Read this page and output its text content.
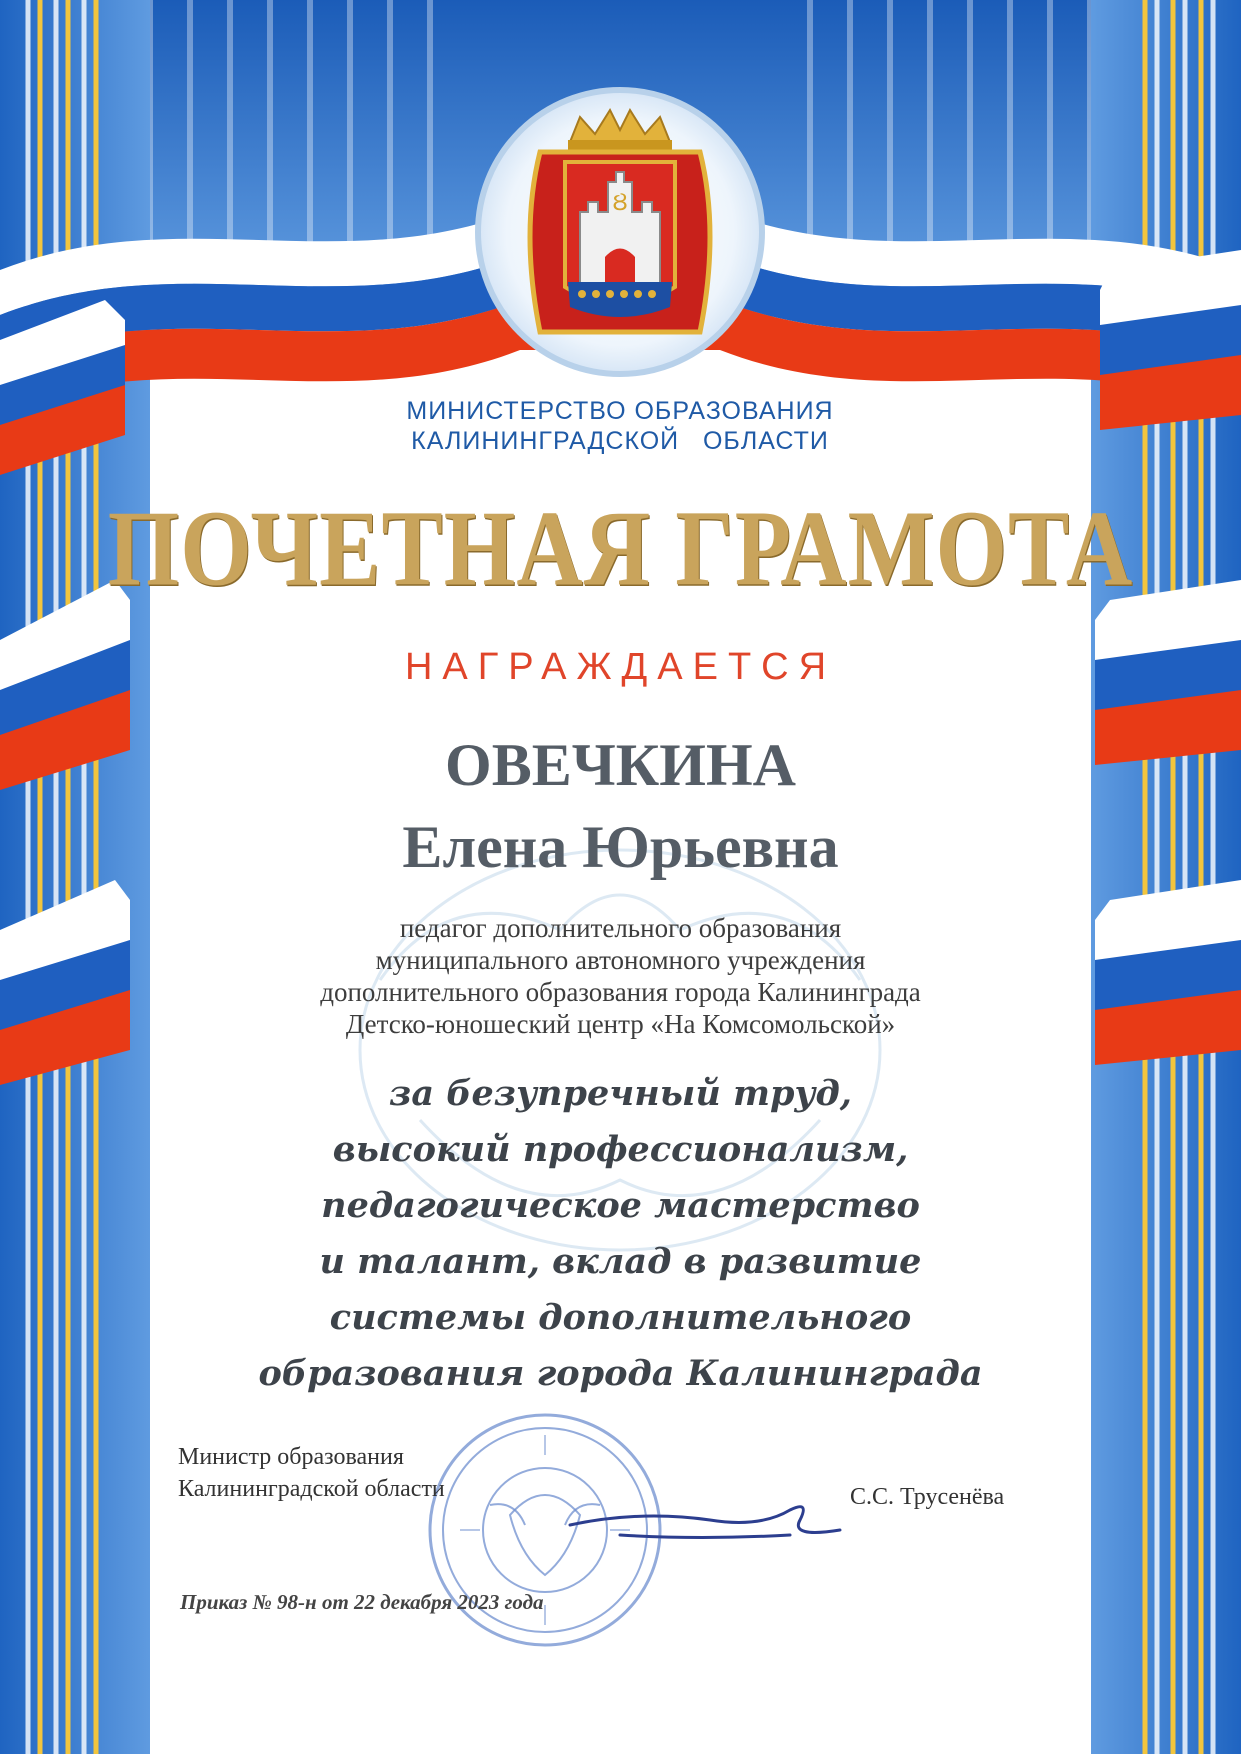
Ȣ

МИНИСТЕРСТВО ОБРАЗОВАНИЯ

КАЛИНИНГРАДСКОЙ   ОБЛАСТИ

ПОЧЕТНАЯ ГРАМОТА

НАГРАЖДАЕТСЯ

ОВЕЧКИНА

Елена Юрьевна

педагог дополнительного образования

муниципального автономного учреждения

дополнительного образования города Калининграда

Детско-юношеский центр «На Комсомольской»

за безупречный труд,

высокий профессионализм,

педагогическое мастерство

и талант, вклад в развитие

системы дополнительного

образования города Калининграда

Министр образования

Калининградской области	С.С. Трусенёва

Приказ № 98-н от 22 декабря 2023 года
